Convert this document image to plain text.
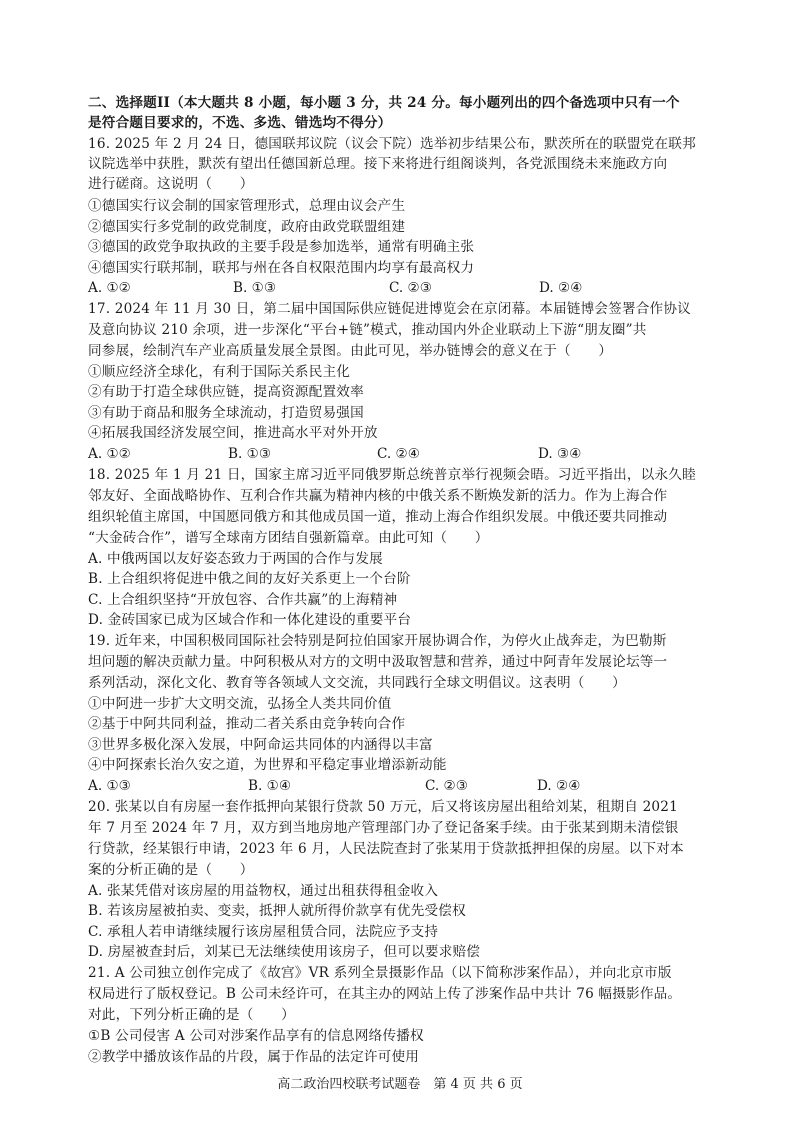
二、选择题II（本大题共 8 小题，每小题 3 分，共 24 分。每小题列出的四个备选项中只有一个
是符合题目要求的，不选、多选、错选均不得分）
16. 2025 年 2 月 24 日，德国联邦议院（议会下院）选举初步结果公布，默茨所在的联盟党在联邦
议院选举中获胜，默茨有望出任德国新总理。接下来将进行组阁谈判，各党派围绕未来施政方向
进行磋商。这说明（　　）
①德国实行议会制的国家管理形式，总理由议会产生
②德国实行多党制的政党制度，政府由政党联盟组建
③德国的政党争取执政的主要手段是参加选举，通常有明确主张
④德国实行联邦制，联邦与州在各自权限范围内均享有最高权力
A. ①②	B. ①③	C. ②③	D. ②④
17. 2024 年 11 月 30 日，第二届中国国际供应链促进博览会在京闭幕。本届链博会签署合作协议
及意向协议 210 余项，进一步深化“平台+链”模式，推动国内外企业联动上下游“朋友圈”共
同参展，绘制汽车产业高质量发展全景图。由此可见，举办链博会的意义在于（　　）
①顺应经济全球化，有利于国际关系民主化
②有助于打造全球供应链，提高资源配置效率
③有助于商品和服务全球流动，打造贸易强国
④拓展我国经济发展空间，推进高水平对外开放
A. ①②	B. ①③	C. ②④	D. ③④
18. 2025 年 1 月 21 日，国家主席习近平同俄罗斯总统普京举行视频会晤。习近平指出，以永久睦
邻友好、全面战略协作、互利合作共赢为精神内核的中俄关系不断焕发新的活力。作为上海合作
组织轮值主席国，中国愿同俄方和其他成员国一道，推动上海合作组织发展。中俄还要共同推动
“大金砖合作”，谱写全球南方团结自强新篇章。由此可知（　　）
A. 中俄两国以友好姿态致力于两国的合作与发展
B. 上合组织将促进中俄之间的友好关系更上一个台阶
C. 上合组织坚持“开放包容、合作共赢”的上海精神
D. 金砖国家已成为区域合作和一体化建设的重要平台
19. 近年来，中国积极同国际社会特别是阿拉伯国家开展协调合作，为停火止战奔走，为巴勒斯
坦问题的解决贡献力量。中阿积极从对方的文明中汲取智慧和营养，通过中阿青年发展论坛等一
系列活动，深化文化、教育等各领域人文交流，共同践行全球文明倡议。这表明（　　）
①中阿进一步扩大文明交流，弘扬全人类共同价值
②基于中阿共同利益，推动二者关系由竞争转向合作
③世界多极化深入发展，中阿命运共同体的内涵得以丰富
④中阿探索长治久安之道，为世界和平稳定事业增添新动能
A. ①③	B. ①④	C. ②③	D. ②④
20. 张某以自有房屋一套作抵押向某银行贷款 50 万元，后又将该房屋出租给刘某，租期自 2021
年 7 月至 2024 年 7 月，双方到当地房地产管理部门办了登记备案手续。由于张某到期未清偿银
行贷款，经某银行申请，2023 年 6 月，人民法院查封了张某用于贷款抵押担保的房屋。以下对本
案的分析正确的是（　　）
A. 张某凭借对该房屋的用益物权，通过出租获得租金收入
B. 若该房屋被拍卖、变卖，抵押人就所得价款享有优先受偿权
C. 承租人若申请继续履行该房屋租赁合同，法院应予支持
D. 房屋被查封后，刘某已无法继续使用该房子，但可以要求赔偿
21. A 公司独立创作完成了《故宫》VR 系列全景摄影作品（以下简称涉案作品），并向北京市版
权局进行了版权登记。B 公司未经许可，在其主办的网站上传了涉案作品中共计 76 幅摄影作品。
对此，下列分析正确的是（　　）
①B 公司侵害 A 公司对涉案作品享有的信息网络传播权
②教学中播放该作品的片段，属于作品的法定许可使用
高二政治四校联考试题卷　第 4 页 共 6 页
